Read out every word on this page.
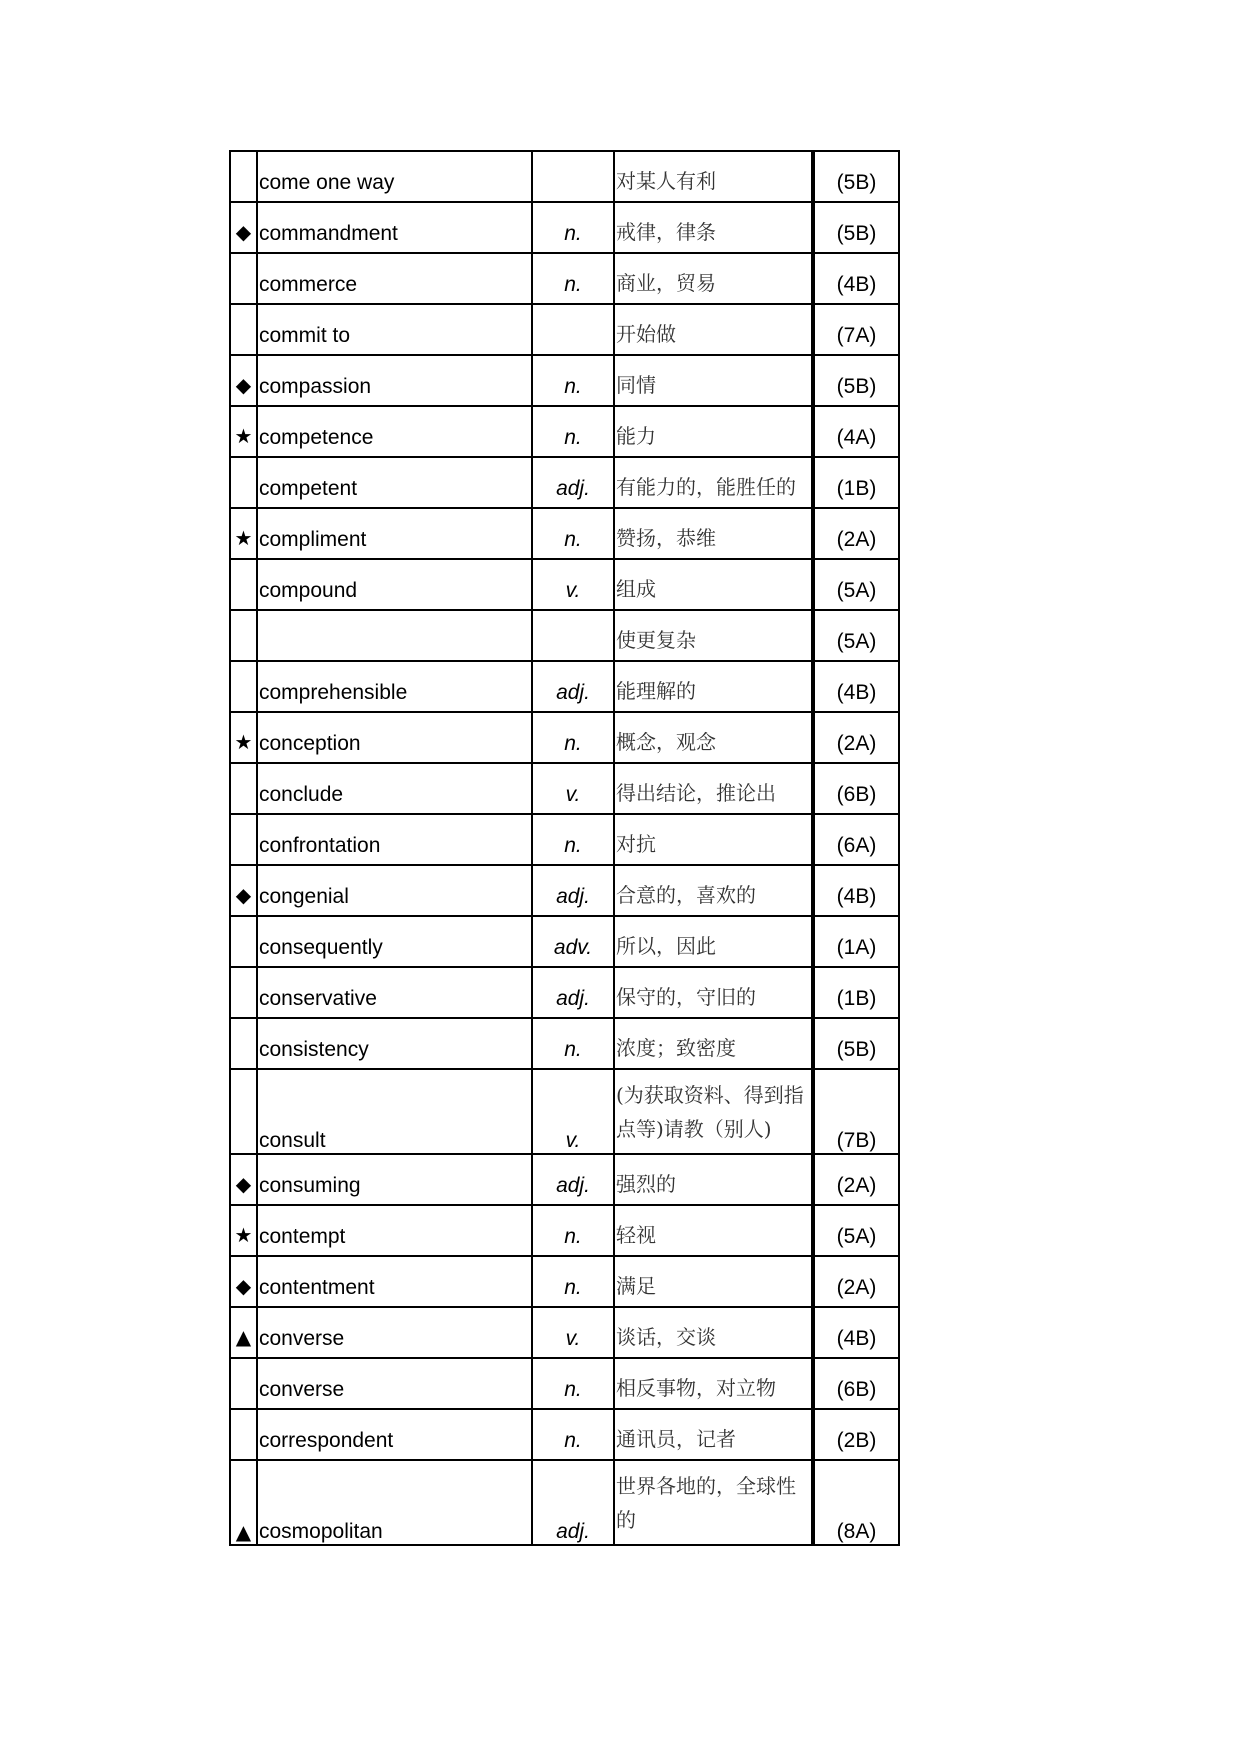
	come one way		对某人有利	(5B)
◆	commandment	n.	戒律，律条	(5B)
	commerce	n.	商业，贸易	(4B)
	commit to		开始做	(7A)
◆	compassion	n.	同情	(5B)
★	competence	n.	能力	(4A)
	competent	adj.	有能力的，能胜任的	(1B)
★	compliment	n.	赞扬，恭维	(2A)
	compound	v.	组成	(5A)
			使更复杂	(5A)
	comprehensible	adj.	能理解的	(4B)
★	conception	n.	概念，观念	(2A)
	conclude	v.	得出结论，推论出	(6B)
	confrontation	n.	对抗	(6A)
◆	congenial	adj.	合意的，喜欢的	(4B)
	consequently	adv.	所以，因此	(1A)
	conservative	adj.	保守的，守旧的	(1B)
	consistency	n.	浓度；致密度	(5B)
	consult	v.	(为获取资料、得到指点等)请教（别人)	(7B)
◆	consuming	adj.	强烈的	(2A)
★	contempt	n.	轻视	(5A)
◆	contentment	n.	满足	(2A)
▲	converse	v.	谈话，交谈	(4B)
	converse	n.	相反事物，对立物	(6B)
	correspondent	n.	通讯员，记者	(2B)
▲	cosmopolitan	adj.	世界各地的，全球性的	(8A)
